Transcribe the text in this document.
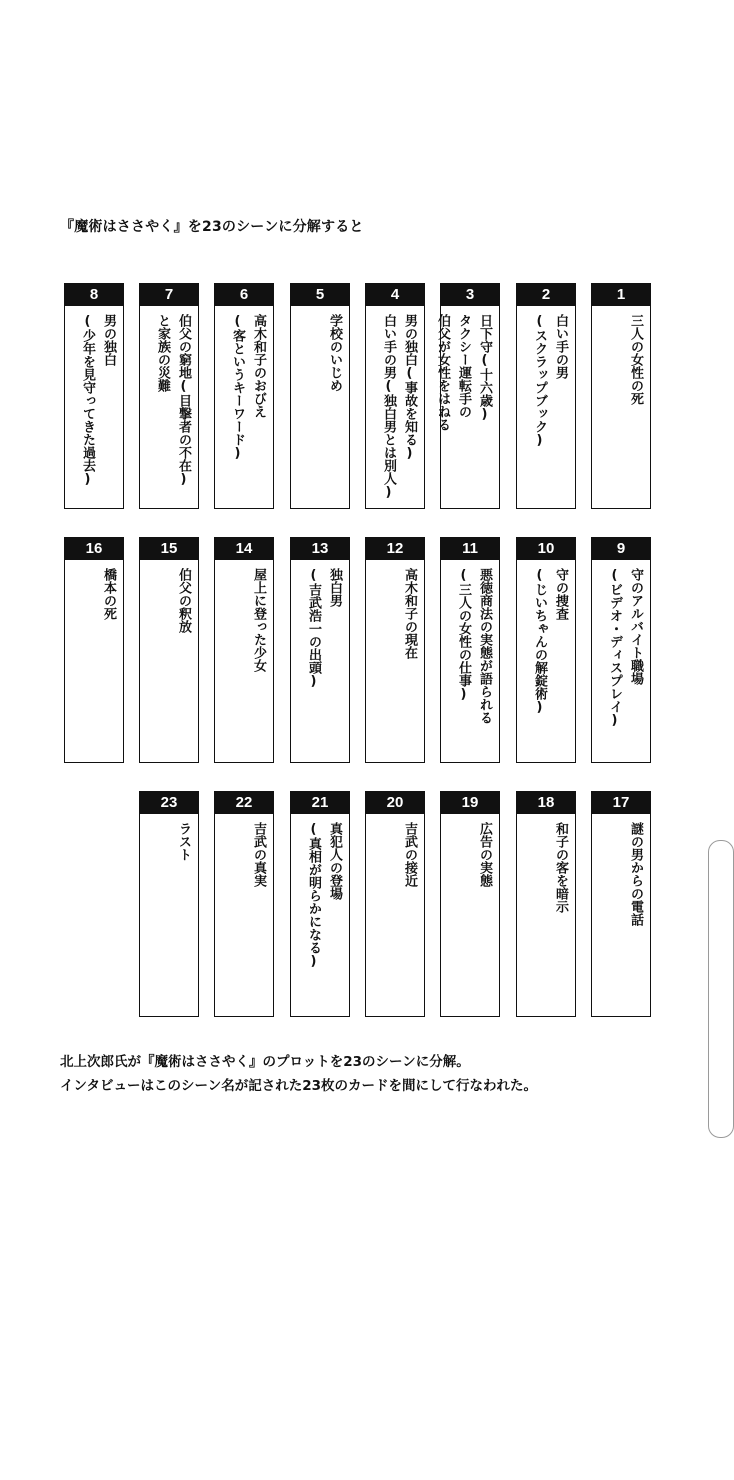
『魔術はささやく』を23のシーンに分解すると
1
三人の女性の死
2
白い手の男
(スクラップブック)
3
日下守(十六歳)
タクシー運転手の
伯父が女性をはねる
4
男の独白(事故を知る)
白い手の男(独白男とは別人)
5
学校のいじめ
6
高木和子のおびえ
(客というキーワード)
7
伯父の窮地(目撃者の不在)
と家族の災難
8
男の独白
(少年を見守ってきた過去)
9
守のアルバイト職場
(ビデオ・ディスプレイ)
10
守の捜査
(じいちゃんの解錠術)
11
悪徳商法の実態が語られる
(三人の女性の仕事)
12
高木和子の現在
13
独白男
(吉武浩一の出頭)
14
屋上に登った少女
15
伯父の釈放
16
橋本の死
17
謎の男からの電話
18
和子の客を暗示
19
広告の実態
20
吉武の接近
21
真犯人の登場
(真相が明らかになる)
22
吉武の真実
23
ラスト
北上次郎氏が『魔術はささやく』のプロットを23のシーンに分解。
インタビューはこのシーン名が記された23枚のカードを間にして行なわれた。
